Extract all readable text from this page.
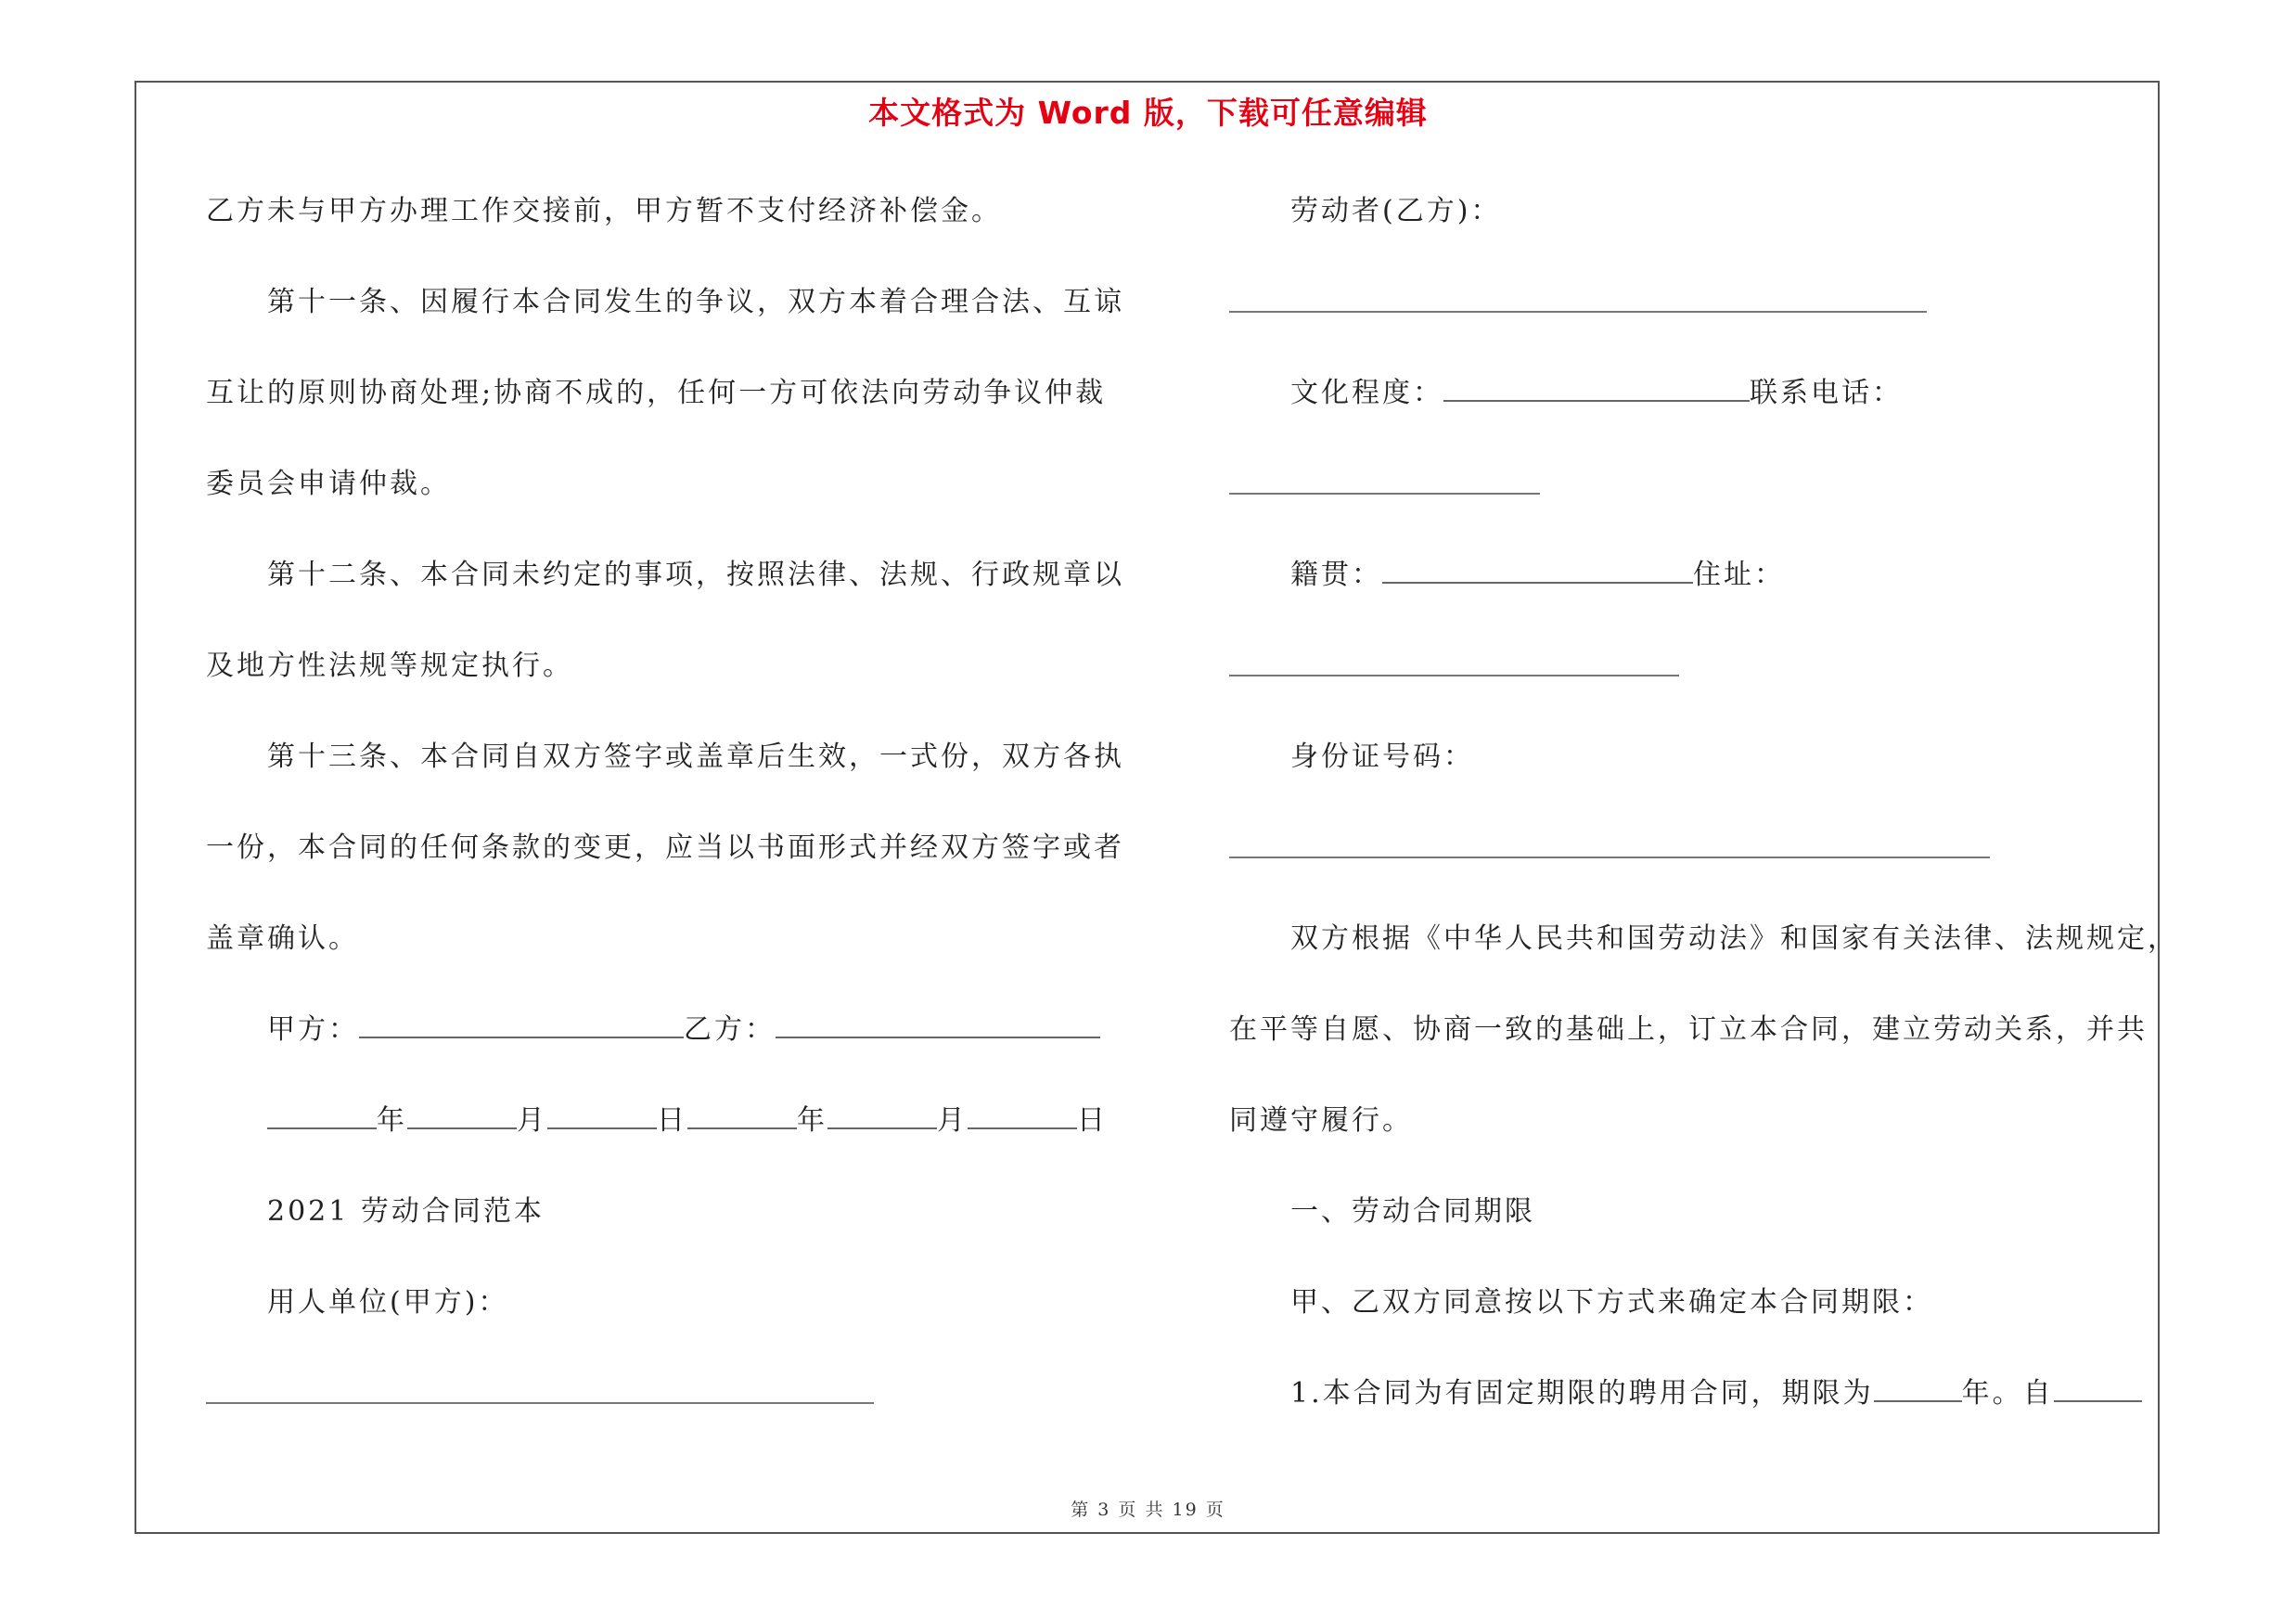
本文格式为 Word 版，下载可任意编辑
乙方未与甲方办理工作交接前，甲方暂不支付经济补偿金。
第十一条、因履行本合同发生的争议，双方本着合理合法、互谅
互让的原则协商处理;协商不成的，任何一方可依法向劳动争议仲裁
委员会申请仲裁。
第十二条、本合同未约定的事项，按照法律、法规、行政规章以
及地方性法规等规定执行。
第十三条、本合同自双方签字或盖章后生效，一式份，双方各执
一份，本合同的任何条款的变更，应当以书面形式并经双方签字或者
盖章确认。
甲方：	乙方：
年	月	日	年	月	日
2021 劳动合同范本
用人单位(甲方)：
劳动者(乙方)：
文化程度：	联系电话：
籍贯：	住址：
身份证号码：
双方根据《中华人民共和国劳动法》和国家有关法律、法规规定，
在平等自愿、协商一致的基础上，订立本合同，建立劳动关系，并共
同遵守履行。
一、劳动合同期限
甲、乙双方同意按以下方式来确定本合同期限：
1.本合同为有固定期限的聘用合同，期限为	年。自
第 3 页 共 19 页
